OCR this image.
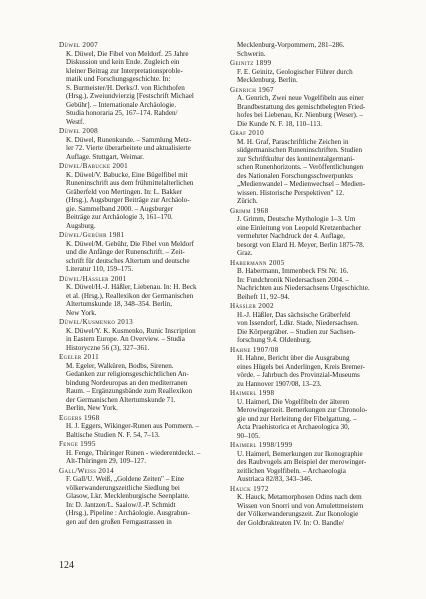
Düwel 2007
K. Düwel, Die Fibel von Meldorf. 25 Jahre
Diskussion und kein Ende. Zugleich ein
kleiner Beitrag zur Interpretationsproble-
matik und Forschungsgeschichte. In:
S. Burmeister/H. Derks/J. von Richthofen
(Hrsg.), Zweiundvierzig [Festschrift Michael
Gebühr]. – Internationale Archäologie.
Studia honoraria 25, 167–174. Rahden/
Westf.
Düwel 2008
K. Düwel, Runenkunde. – Sammlung Metz-
ler 72. Vierte überarbeitete und aktualisierte
Auflage. Stuttgart, Weimar.
Düwel/Babucke 2001
K. Düwel/V. Babucke, Eine Bügelfibel mit
Runeninschrift aus dem frühmittelalterlichen
Gräberfeld von Mertingen. In: L. Bakker
(Hrsg.), Augsburger Beiträge zur Archäolo-
gie. Sammelband 2000. – Augsburger
Beiträge zur Archäologie 3, 161–170.
Augsburg.
Düwel/Gebühr 1981
K. Düwel/M. Gebühr, Die Fibel von Meldorf
und die Anfänge der Runenschrift. – Zeit-
schrift für deutsches Altertum und deutsche
Literatur 110, 159–175.
Düwel/Hässler 2001
K. Düwel/H.-J. Häßler, Liebenau. In: H. Beck
et al. (Hrsg.), Reallexikon der Germanischen
Altertumskunde 18, 348–354. Berlin,
New York.
Düwel/Kusmenko 2013
K. Düwel/Y. K. Kusmenko, Runic Inscription
in Eastern Europe. An Overview. – Studia
Historyczne 56 (3), 327–361.
Egeler 2011
M. Egeler, Walküren, Bodbs, Sirenen.
Gedanken zur religionsgeschichtlichen An-
bindung Nordeuropas an den mediterranen
Raum. – Ergänzungsbände zum Reallexikon
der Germanischen Altertumskunde 71.
Berlin, New York.
Eggers 1968
H. J. Eggers, Wikinger-Runen aus Pommern. –
Baltische Studien N. F. 54, 7–13.
Fenge 1995
H. Fenge, Thüringer Runen - wiederentdeckt. –
Alt-Thüringen 29, 109–127.
Gall/Weiss 2014
F. Gall/U. Weiß, „Goldene Zeiten" – Eine
völkerwanderungszeitliche Siedlung bei
Glasow, Lkr. Mecklenburgische Seenplatte.
In: D. Jantzen/L. Saalow/J.-P. Schmidt
(Hrsg.), Pipeline : Archäologie. Ausgrabun-
gen auf den großen Ferngastrassen in
Mecklenburg-Vorpommern, 281–286.
Schwerin.
Geinitz 1899
F. E. Geinitz, Geologischer Führer durch
Mecklenburg. Berlin.
Genrich 1967
A. Genrich, Zwei neue Vogelfibeln aus einer
Brandbestattung des gemischtbelegten Fried-
hofes bei Liebenau, Kr. Nienburg (Weser). –
Die Kunde N. F. 18, 110–113.
Graf 2010
M. H. Graf, Paraschriftliche Zeichen in
südgermanischen Runeninschriften. Studien
zur Schriftkultur des kontinentalgermani-
schen Runenhorizonts. – Veröffentlichungen
des Nationalen Forschungsschwerpunkts
„Medienwandel – Medienwechsel – Medien-
wissen. Historische Perspektiven" 12.
Zürich.
Grimm 1968
J. Grimm, Deutsche Mythologie 1–3. Um
eine Einleitung von Leopold Kretzenbacher
vermehrter Nachdruck der 4. Auflage,
besorgt von Elard H. Meyer, Berlin 1875-78.
Graz.
Habermann 2005
B. Habermann, Immenbeck FSt Nr. 16.
In: Fundchronik Niedersachsen 2004. –
Nachrichten aus Niedersachsens Urgeschichte.
Beiheft 11, 92–94.
Hässler 2002
H.-J. Häßler, Das sächsische Gräberfeld
von Issendorf, Ldkr. Stade, Niedersachsen.
Die Körpergräber. – Studien zur Sachsen-
forschung 9.4. Oldenburg.
Hahne 1907/08
H. Hahne, Bericht über die Ausgrabung
eines Hügels bei Anderlingen, Kreis Bremer-
vörde. – Jahrbuch des Provinzial-Museums
zu Hannover 1907/08, 13–23.
Haimerl 1998
U. Haimerl, Die Vogelfibeln der älteren
Merowingerzeit. Bemerkungen zur Chronolo-
gie und zur Herleitung der Fibelgattung. –
Acta Praehistorica et Archaeologica 30,
90–105.
Haimerl 1998/1999
U. Haimerl, Bemerkungen zur Ikonographie
des Raubvogels am Beispiel der merowinger-
zeitlichen Vogelfibeln. – Archaeologia
Austriaca 82/83, 343–346.
Hauck 1972
K. Hauck, Metamorphosen Odins nach dem
Wissen von Snorri und von Amulettmeistern
der Völkerwanderungszeit. Zur Ikonologie
der Goldbrakteaten IV. In: O. Bandle/
124
